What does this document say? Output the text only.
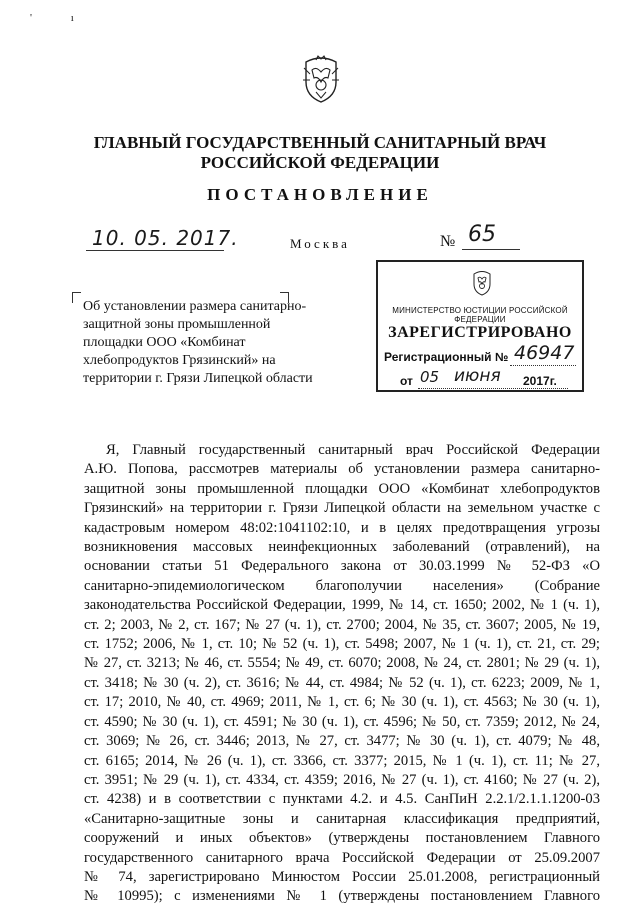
' ı
ГЛАВНЫЙ ГОСУДАРСТВЕННЫЙ САНИТАРНЫЙ ВРАЧ
РОССИЙСКОЙ ФЕДЕРАЦИИ
ПОСТАНОВЛЕНИЕ
10. 05. 2017.	Москва	№ 65
Об установлении размера санитарно-защитной зоны промышленной площадки ООО «Комбинат хлебопродуктов Грязинский» на территории г. Грязи Липецкой области
МИНИСТЕРСТВО ЮСТИЦИИ РОССИЙСКОЙ ФЕДЕРАЦИИ
ЗАРЕГИСТРИРОВАНО
Регистрационный № 46947
от 05 июня 2017г.
Я, Главный государственный санитарный врач Российской Федерации
А.Ю. Попова, рассмотрев материалы об установлении размера санитарно-
защитной зоны промышленной площадки ООО «Комбинат хлебопродуктов
Грязинский» на территории г. Грязи Липецкой области на земельном участке с
кадастровым номером 48:02:1041102:10, и в целях предотвращения угрозы
возникновения массовых неинфекционных заболеваний (отравлений), на
основании статьи 51 Федерального закона от 30.03.1999 № 52-ФЗ «О
санитарно-эпидемиологическом благополучии населения» (Собрание
законодательства Российской Федерации, 1999, № 14, ст. 1650; 2002, № 1 (ч. 1),
ст. 2; 2003, № 2, ст. 167; № 27 (ч. 1), ст. 2700; 2004, № 35, ст. 3607; 2005, № 19,
ст. 1752; 2006, № 1, ст. 10; № 52 (ч. 1), ст. 5498; 2007, № 1 (ч. 1), ст. 21, ст. 29;
№ 27, ст. 3213; № 46, ст. 5554; № 49, ст. 6070; 2008, № 24, ст. 2801; № 29 (ч. 1),
ст. 3418; № 30 (ч. 2), ст. 3616; № 44, ст. 4984; № 52 (ч. 1), ст. 6223; 2009, № 1,
ст. 17; 2010, № 40, ст. 4969; 2011, № 1, ст. 6; № 30 (ч. 1), ст. 4563; № 30 (ч. 1),
ст. 4590; № 30 (ч. 1), ст. 4591; № 30 (ч. 1), ст. 4596; № 50, ст. 7359; 2012, № 24,
ст. 3069; № 26, ст. 3446; 2013, № 27, ст. 3477; № 30 (ч. 1), ст. 4079; № 48,
ст. 6165; 2014, № 26 (ч. 1), ст. 3366, ст. 3377; 2015, № 1 (ч. 1), ст. 11; № 27,
ст. 3951; № 29 (ч. 1), ст. 4334, ст. 4359; 2016, № 27 (ч. 1), ст. 4160; № 27 (ч. 2),
ст. 4238) и в соответствии с пунктами 4.2. и 4.5. СанПиН 2.2.1/2.1.1.1200-03
«Санитарно-защитные зоны и санитарная классификация предприятий,
сооружений и иных объектов» (утверждены постановлением Главного
государственного санитарного врача Российской Федерации от 25.09.2007
№ 74, зарегистрировано Минюстом России 25.01.2008, регистрационный
№ 10995); с изменениями № 1 (утверждены постановлением Главного
